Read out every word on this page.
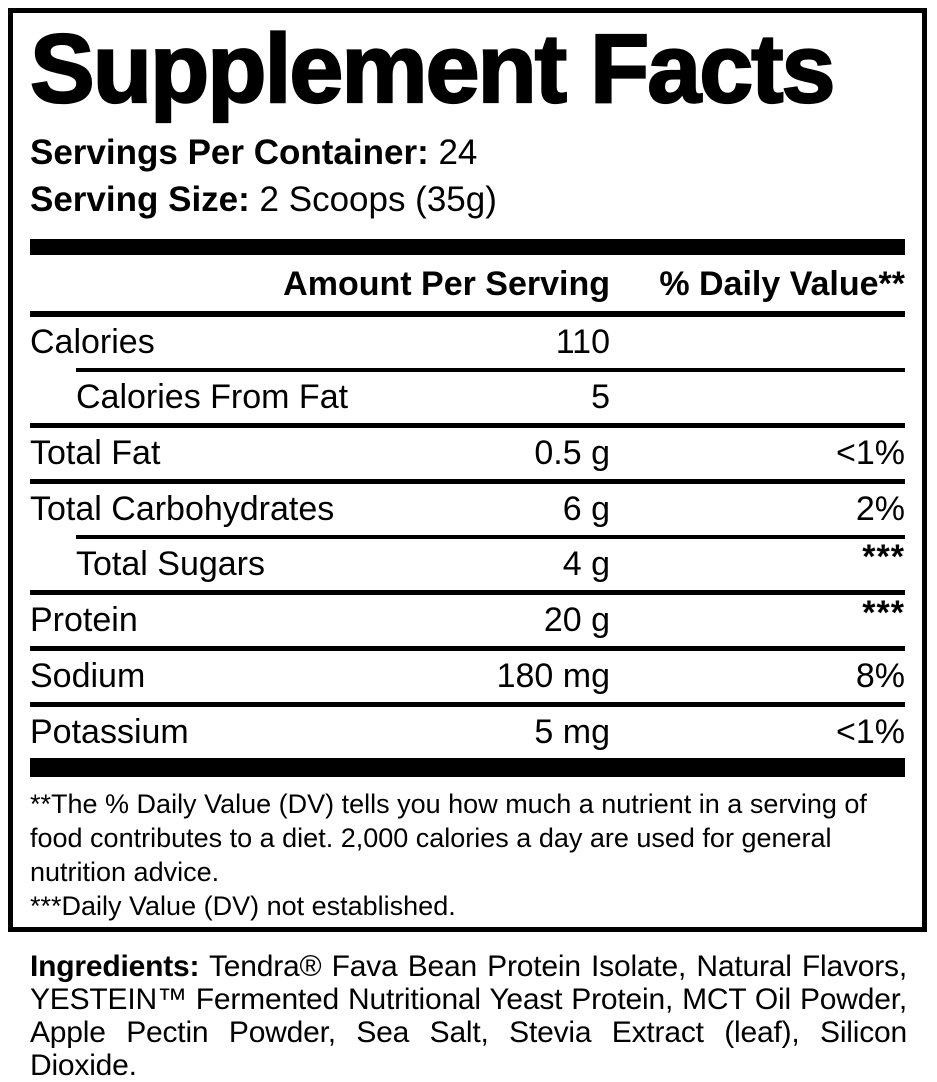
Supplement Facts
Servings Per Container: 24
Serving Size: 2 Scoops (35g)
Amount Per Serving % Daily Value**
Calories	110
Calories From Fat	5
Total Fat	0.5 g	<1%
Total Carbohydrates	6 g	2%
Total Sugars	4 g	***
Protein	20 g	***
Sodium	180 mg	8%
Potassium	5 mg	<1%

**The % Daily Value (DV) tells you how much a nutrient in a serving of food contributes to a diet. 2,000 calories a day are used for general nutrition advice.

***Daily Value (DV) not established.

Ingredients: Tendra® Fava Bean Protein Isolate, Natural Flavors, YESTEIN™ Fermented Nutritional Yeast Protein, MCT Oil Powder, Apple Pectin Powder, Sea Salt, Stevia Extract (leaf), Silicon Dioxide.
